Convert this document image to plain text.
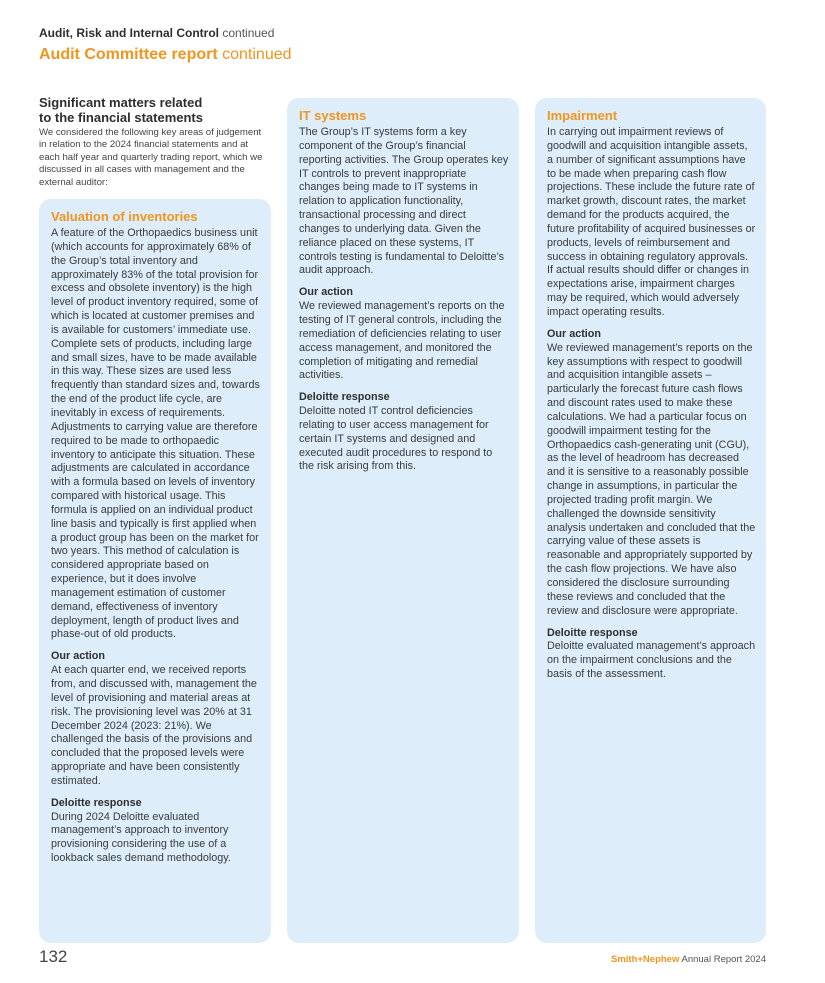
Audit, Risk and Internal Control continued
Audit Committee report continued
Significant matters related
to the financial statements

We considered the following key areas of judgement in relation to the 2024 financial statements and at each half year and quarterly trading report, which we discussed in all cases with management and the external auditor:

Valuation of inventories

A feature of the Orthopaedics business unit (which accounts for approximately 68% of the Group’s total inventory and approximately 83% of the total provision for excess and obsolete inventory) is the high level of product inventory required, some of which is located at customer premises and is available for customers’ immediate use. Complete sets of products, including large and small sizes, have to be made available in this way. These sizes are used less frequently than standard sizes and, towards the end of the product life cycle, are inevitably in excess of requirements. Adjustments to carrying value are therefore required to be made to orthopaedic inventory to anticipate this situation. These adjustments are calculated in accordance with a formula based on levels of inventory compared with historical usage. This formula is applied on an individual product line basis and typically is first applied when a product group has been on the market for two years. This method of calculation is considered appropriate based on experience, but it does involve management estimation of customer demand, effectiveness of inventory deployment, length of product lives and phase-out of old products.

Our action

At each quarter end, we received reports from, and discussed with, management the level of provisioning and material areas at risk. The provisioning level was 20% at 31 December 2024 (2023: 21%). We challenged the basis of the provisions and concluded that the proposed levels were appropriate and have been consistently estimated.

Deloitte response

During 2024 Deloitte evaluated management’s approach to inventory provisioning considering the use of a lookback sales demand methodology.

IT systems

The Group’s IT systems form a key component of the Group’s financial reporting activities. The Group operates key IT controls to prevent inappropriate changes being made to IT systems in relation to application functionality, transactional processing and direct changes to underlying data. Given the reliance placed on these systems, IT controls testing is fundamental to Deloitte’s audit approach.

Our action

We reviewed management’s reports on the testing of IT general controls, including the remediation of deficiencies relating to user access management, and monitored the completion of mitigating and remedial activities.

Deloitte response

Deloitte noted IT control deficiencies relating to user access management for certain IT systems and designed and executed audit procedures to respond to the risk arising from this.

Impairment

In carrying out impairment reviews of goodwill and acquisition intangible assets, a number of significant assumptions have to be made when preparing cash flow projections. These include the future rate of market growth, discount rates, the market demand for the products acquired, the future profitability of acquired businesses or products, levels of reimbursement and success in obtaining regulatory approvals. If actual results should differ or changes in expectations arise, impairment charges may be required, which would adversely impact operating results.

Our action

We reviewed management’s reports on the key assumptions with respect to goodwill and acquisition intangible assets – particularly the forecast future cash flows and discount rates used to make these calculations. We had a particular focus on goodwill impairment testing for the Orthopaedics cash-generating unit (CGU), as the level of headroom has decreased and it is sensitive to a reasonably possible change in assumptions, in particular the projected trading profit margin. We challenged the downside sensitivity analysis undertaken and concluded that the carrying value of these assets is reasonable and appropriately supported by the cash flow projections. We have also considered the disclosure surrounding these reviews and concluded that the review and disclosure were appropriate.

Deloitte response

Deloitte evaluated management’s approach on the impairment conclusions and the basis of the assessment.

132	Smith+Nephew Annual Report 2024
